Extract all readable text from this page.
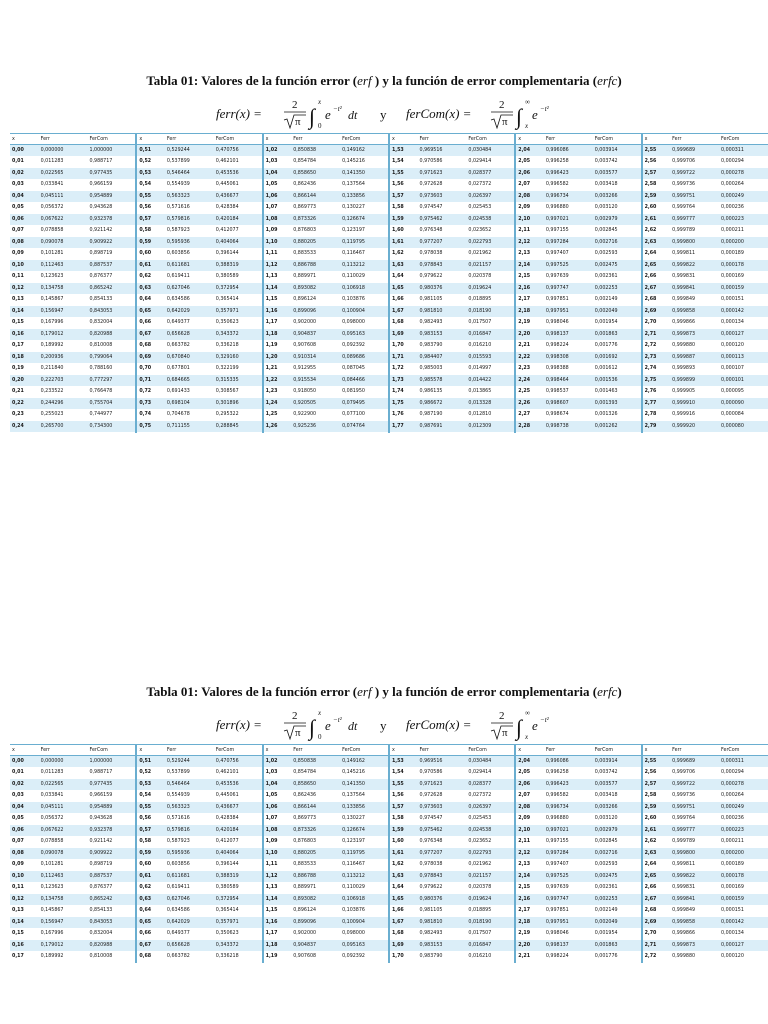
Tabla 01: Valores de la función error (erf ) y la función de error complementaria (erfc)
ferr(x) =
2
π ∫
x
0
e −t² dt y ferCom(x) =
2
π ∫
∞
x
e −t²
x	Ferr	FerCom	x	Ferr	FerCom	x	Ferr	FerCom	x	Ferr	FerCom	x	Ferr	FerCom	x	Ferr	FerCom
0,00	0,000000	1,000000	0,51	0,529244	0,470756	1,02	0,850838	0,149162	1,53	0,969516	0,030484	2,04	0,996086	0,003914	2,55	0,999689	0,000311
0,01	0,011283	0,988717	0,52	0,537899	0,462101	1,03	0,854784	0,145216	1,54	0,970586	0,029414	2,05	0,996258	0,003742	2,56	0,999706	0,000294
0,02	0,022565	0,977435	0,53	0,546464	0,453536	1,04	0,858650	0,141350	1,55	0,971623	0,028377	2,06	0,996423	0,003577	2,57	0,999722	0,000278
0,03	0,033841	0,966159	0,54	0,554939	0,445061	1,05	0,862436	0,137564	1,56	0,972628	0,027372	2,07	0,996582	0,003418	2,58	0,999736	0,000264
0,04	0,045111	0,954889	0,55	0,563323	0,436677	1,06	0,866144	0,133856	1,57	0,973603	0,026397	2,08	0,996734	0,003266	2,59	0,999751	0,000249
0,05	0,056372	0,943628	0,56	0,571616	0,428384	1,07	0,869773	0,130227	1,58	0,974547	0,025453	2,09	0,996880	0,003120	2,60	0,999764	0,000236
0,06	0,067622	0,932378	0,57	0,579816	0,420184	1,08	0,873326	0,126674	1,59	0,975462	0,024538	2,10	0,997021	0,002979	2,61	0,999777	0,000223
0,07	0,078858	0,921142	0,58	0,587923	0,412077	1,09	0,876803	0,123197	1,60	0,976348	0,023652	2,11	0,997155	0,002845	2,62	0,999789	0,000211
0,08	0,090078	0,909922	0,59	0,595936	0,404064	1,10	0,880205	0,119795	1,61	0,977207	0,022793	2,12	0,997284	0,002716	2,63	0,999800	0,000200
0,09	0,101281	0,898719	0,60	0,603856	0,396144	1,11	0,883533	0,116467	1,62	0,978038	0,021962	2,13	0,997407	0,002593	2,64	0,999811	0,000189
0,10	0,112463	0,887537	0,61	0,611681	0,388319	1,12	0,886788	0,113212	1,63	0,978843	0,021157	2,14	0,997525	0,002475	2,65	0,999822	0,000178
0,11	0,123623	0,876377	0,62	0,619411	0,380589	1,13	0,889971	0,110029	1,64	0,979622	0,020378	2,15	0,997639	0,002361	2,66	0,999831	0,000169
0,12	0,134758	0,865242	0,63	0,627046	0,372954	1,14	0,893082	0,106918	1,65	0,980376	0,019624	2,16	0,997747	0,002253	2,67	0,999841	0,000159
0,13	0,145867	0,854133	0,64	0,634586	0,365414	1,15	0,896124	0,103876	1,66	0,981105	0,018895	2,17	0,997851	0,002149	2,68	0,999849	0,000151
0,14	0,156947	0,843053	0,65	0,642029	0,357971	1,16	0,899096	0,100904	1,67	0,981810	0,018190	2,18	0,997951	0,002049	2,69	0,999858	0,000142
0,15	0,167996	0,832004	0,66	0,649377	0,350623	1,17	0,902000	0,098000	1,68	0,982493	0,017507	2,19	0,998046	0,001954	2,70	0,999866	0,000134
0,16	0,179012	0,820988	0,67	0,656628	0,343372	1,18	0,904837	0,095163	1,69	0,983153	0,016847	2,20	0,998137	0,001863	2,71	0,999873	0,000127
0,17	0,189992	0,810008	0,68	0,663782	0,336218	1,19	0,907608	0,092392	1,70	0,983790	0,016210	2,21	0,998224	0,001776	2,72	0,999880	0,000120
0,18	0,200936	0,799064	0,69	0,670840	0,329160	1,20	0,910314	0,089686	1,71	0,984407	0,015593	2,22	0,998308	0,001692	2,73	0,999887	0,000113
0,19	0,211840	0,788160	0,70	0,677801	0,322199	1,21	0,912955	0,087045	1,72	0,985003	0,014997	2,23	0,998388	0,001612	2,74	0,999893	0,000107
0,20	0,222703	0,777297	0,71	0,684665	0,315335	1,22	0,915534	0,084466	1,73	0,985578	0,014422	2,24	0,998464	0,001536	2,75	0,999899	0,000101
0,21	0,233522	0,766478	0,72	0,691433	0,308567	1,23	0,918050	0,081950	1,74	0,986135	0,013865	2,25	0,998537	0,001463	2,76	0,999905	0,000095
0,22	0,244296	0,755704	0,73	0,698104	0,301896	1,24	0,920505	0,079495	1,75	0,986672	0,013328	2,26	0,998607	0,001393	2,77	0,999910	0,000090
0,23	0,255023	0,744977	0,74	0,704678	0,295322	1,25	0,922900	0,077100	1,76	0,987190	0,012810	2,27	0,998674	0,001326	2,78	0,999916	0,000084
0,24	0,265700	0,734300	0,75	0,711155	0,288845	1,26	0,925236	0,074764	1,77	0,987691	0,012309	2,28	0,998738	0,001262	2,79	0,999920	0,000080
Tabla 01: Valores de la función error (erf ) y la función de error complementaria (erfc)
ferr(x) =
2
π ∫
x
0
e −t² dt y ferCom(x) =
2
π ∫
∞
x
e −t²
x	Ferr	FerCom	x	Ferr	FerCom	x	Ferr	FerCom	x	Ferr	FerCom	x	Ferr	FerCom	x	Ferr	FerCom
0,00	0,000000	1,000000	0,51	0,529244	0,470756	1,02	0,850838	0,149162	1,53	0,969516	0,030484	2,04	0,996086	0,003914	2,55	0,999689	0,000311
0,01	0,011283	0,988717	0,52	0,537899	0,462101	1,03	0,854784	0,145216	1,54	0,970586	0,029414	2,05	0,996258	0,003742	2,56	0,999706	0,000294
0,02	0,022565	0,977435	0,53	0,546464	0,453536	1,04	0,858650	0,141350	1,55	0,971623	0,028377	2,06	0,996423	0,003577	2,57	0,999722	0,000278
0,03	0,033841	0,966159	0,54	0,554939	0,445061	1,05	0,862436	0,137564	1,56	0,972628	0,027372	2,07	0,996582	0,003418	2,58	0,999736	0,000264
0,04	0,045111	0,954889	0,55	0,563323	0,436677	1,06	0,866144	0,133856	1,57	0,973603	0,026397	2,08	0,996734	0,003266	2,59	0,999751	0,000249
0,05	0,056372	0,943628	0,56	0,571616	0,428384	1,07	0,869773	0,130227	1,58	0,974547	0,025453	2,09	0,996880	0,003120	2,60	0,999764	0,000236
0,06	0,067622	0,932378	0,57	0,579816	0,420184	1,08	0,873326	0,126674	1,59	0,975462	0,024538	2,10	0,997021	0,002979	2,61	0,999777	0,000223
0,07	0,078858	0,921142	0,58	0,587923	0,412077	1,09	0,876803	0,123197	1,60	0,976348	0,023652	2,11	0,997155	0,002845	2,62	0,999789	0,000211
0,08	0,090078	0,909922	0,59	0,595936	0,404064	1,10	0,880205	0,119795	1,61	0,977207	0,022793	2,12	0,997284	0,002716	2,63	0,999800	0,000200
0,09	0,101281	0,898719	0,60	0,603856	0,396144	1,11	0,883533	0,116467	1,62	0,978038	0,021962	2,13	0,997407	0,002593	2,64	0,999811	0,000189
0,10	0,112463	0,887537	0,61	0,611681	0,388319	1,12	0,886788	0,113212	1,63	0,978843	0,021157	2,14	0,997525	0,002475	2,65	0,999822	0,000178
0,11	0,123623	0,876377	0,62	0,619411	0,380589	1,13	0,889971	0,110029	1,64	0,979622	0,020378	2,15	0,997639	0,002361	2,66	0,999831	0,000169
0,12	0,134758	0,865242	0,63	0,627046	0,372954	1,14	0,893082	0,106918	1,65	0,980376	0,019624	2,16	0,997747	0,002253	2,67	0,999841	0,000159
0,13	0,145867	0,854133	0,64	0,634586	0,365414	1,15	0,896124	0,103876	1,66	0,981105	0,018895	2,17	0,997851	0,002149	2,68	0,999849	0,000151
0,14	0,156947	0,843053	0,65	0,642029	0,357971	1,16	0,899096	0,100904	1,67	0,981810	0,018190	2,18	0,997951	0,002049	2,69	0,999858	0,000142
0,15	0,167996	0,832004	0,66	0,649377	0,350623	1,17	0,902000	0,098000	1,68	0,982493	0,017507	2,19	0,998046	0,001954	2,70	0,999866	0,000134
0,16	0,179012	0,820988	0,67	0,656628	0,343372	1,18	0,904837	0,095163	1,69	0,983153	0,016847	2,20	0,998137	0,001863	2,71	0,999873	0,000127
0,17	0,189992	0,810008	0,68	0,663782	0,336218	1,19	0,907608	0,092392	1,70	0,983790	0,016210	2,21	0,998224	0,001776	2,72	0,999880	0,000120
